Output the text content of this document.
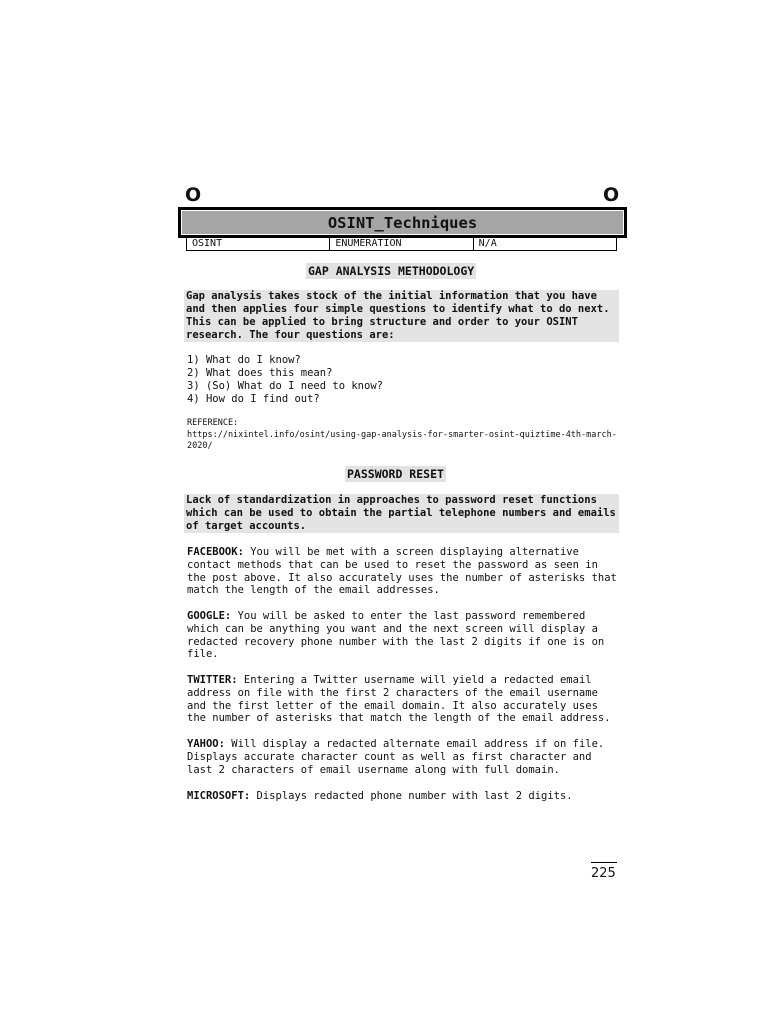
O	O
OSINT_Techniques
OSINT	ENUMERATION	N/A
GAP ANALYSIS METHODOLOGY
Gap analysis takes stock of the initial information that you have and then applies four simple questions to identify what to do next. This can be applied to bring structure and order to your OSINT research. The four questions are:
1) What do I know?
2) What does this mean?
3) (So) What do I need to know?
4) How do I find out?
REFERENCE:
https://nixintel.info/osint/using-gap-analysis-for-smarter-osint-quiztime-4th-march-2020/
PASSWORD RESET
Lack of standardization in approaches to password reset functions which can be used to obtain the partial telephone numbers and emails of target accounts.
FACEBOOK: You will be met with a screen displaying alternative contact methods that can be used to reset the password as seen in the post above. It also accurately uses the number of asterisks that match the length of the email addresses.
GOOGLE: You will be asked to enter the last password remembered which can be anything you want and the next screen will display a redacted recovery phone number with the last 2 digits if one is on file.
TWITTER: Entering a Twitter username will yield a redacted email address on file with the first 2 characters of the email username and the first letter of the email domain. It also accurately uses the number of asterisks that match the length of the email address.
YAHOO: Will display a redacted alternate email address if on file. Displays accurate character count as well as first character and last 2 characters of email username along with full domain.
MICROSOFT: Displays redacted phone number with last 2 digits.
225
